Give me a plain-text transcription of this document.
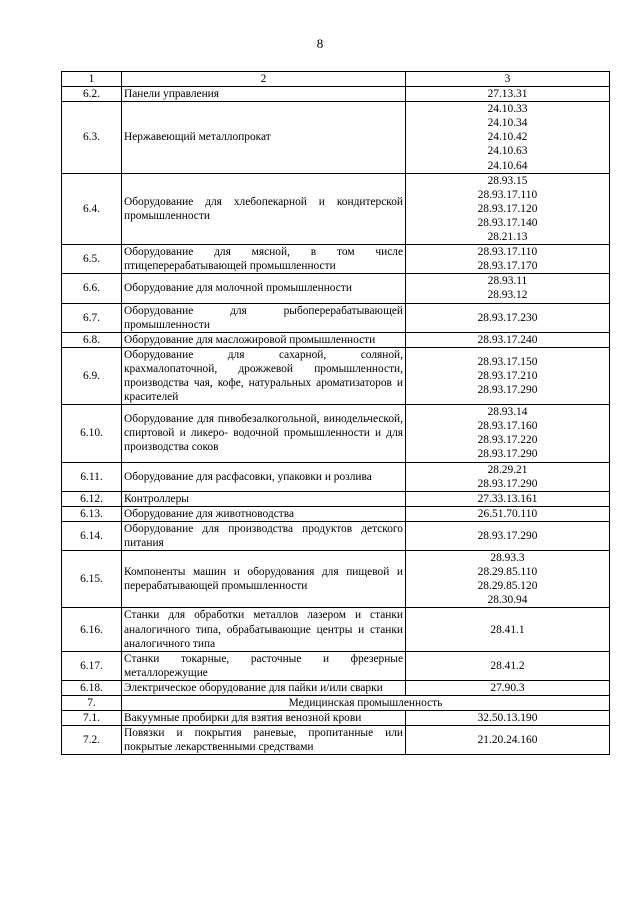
8
1	2	3
6.2.	Панели управления	27.13.31

6.3.	Нержавеющий металлопрокат	24.10.33
24.10.34
24.10.42
24.10.63
24.10.64

6.4.	Оборудование для хлебопекарной и кондитерской промышленности	28.93.15
28.93.17.110
28.93.17.120
28.93.17.140
28.21.13

6.5.	Оборудование для мясной, в том числе птицеперерабатывающей промышленности	28.93.17.110
28.93.17.170

6.6.	Оборудование для молочной промышленности	28.93.11
28.93.12

6.7.	Оборудование для рыбоперерабатывающей промышленности	28.93.17.230

6.8.	Оборудование для масложировой промышленности	28.93.17.240

6.9.	Оборудование для сахарной, соляной, крахмалопаточной, дрожжевой промышленности, производства чая, кофе, натуральных ароматизаторов и красителей	28.93.17.150
28.93.17.210
28.93.17.290

6.10.	Оборудование для пивобезалкогольной, винодельческой, спиртовой и ликеро- водочной промышленности и для производства соков	28.93.14
28.93.17.160
28.93.17.220
28.93.17.290

6.11.	Оборудование для расфасовки, упаковки и розлива	28.29.21
28.93.17.290

6.12.	Контроллеры	27.33.13.161

6.13.	Оборудование для животноводства	26.51.70.110

6.14.	Оборудование для производства продуктов детского питания	28.93.17.290

6.15.	Компоненты машин и оборудования для пищевой и перерабатывающей промышленности	28.93.3
28.29.85.110
28.29.85.120
28.30.94

6.16.	Станки для обработки металлов лазером и станки аналогичного типа, обрабатывающие центры и станки аналогичного типа	28.41.1

6.17.	Станки токарные, расточные и фрезерные металлорежущие	28.41.2

6.18.	Электрическое оборудование для пайки и/или сварки	27.90.3

7.	Медицинская промышленность	
7.1.	Вакуумные пробирки для взятия венозной крови	32.50.13.190

7.2.	Повязки и покрытия раневые, пропитанные или покрытые лекарственными средствами	21.20.24.160
